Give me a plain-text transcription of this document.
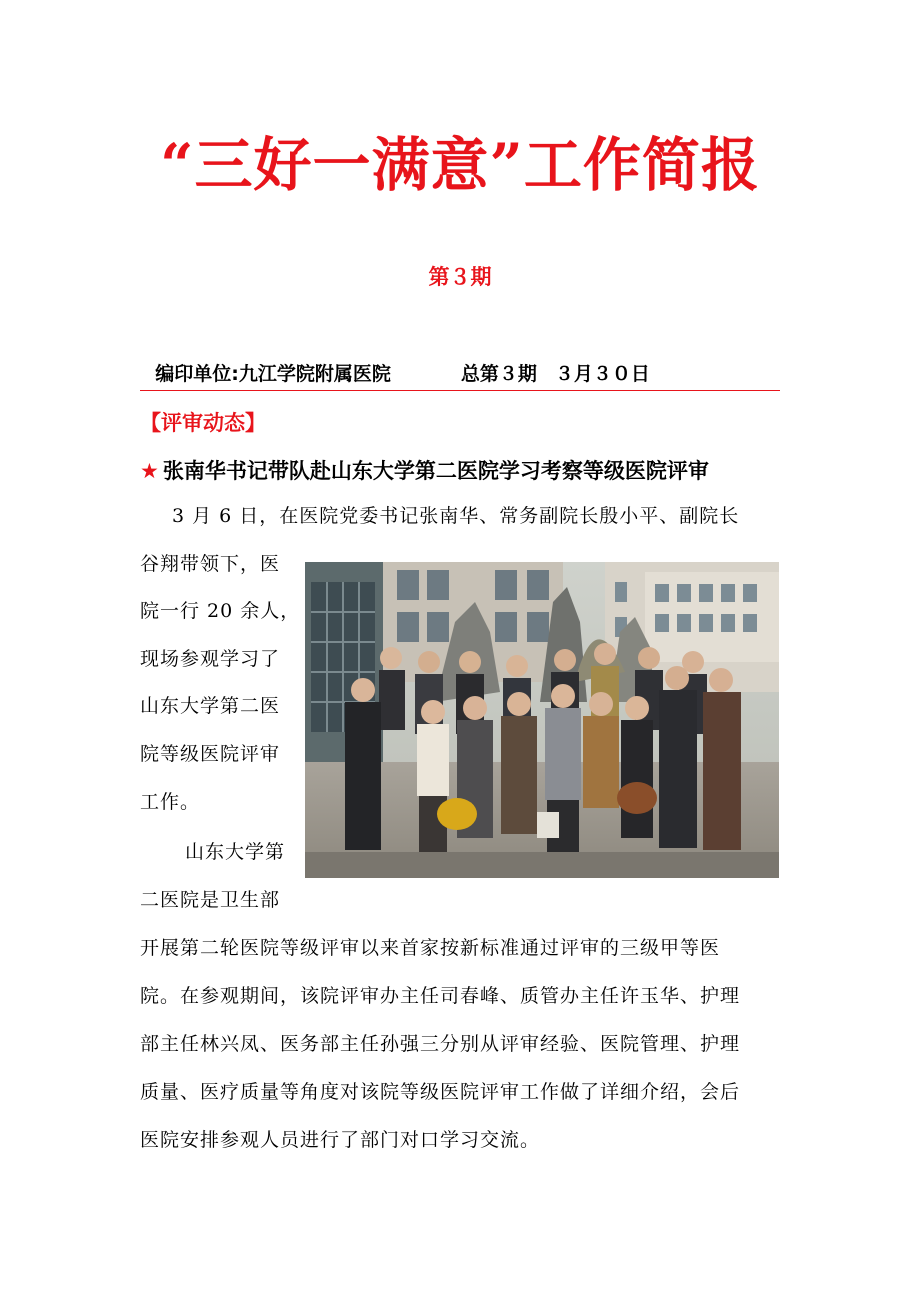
“三好一满意”工作简报
第３期

编印单位:九江学院附属医院	总第３期 ３月３０日

【评审动态】
★ 张南华书记带队赴山东大学第二医院学习考察等级医院评审
3 月 6 日，在医院党委书记张南华、常务副院长殷小平、副院长
谷翔带领下，医
院一行 20 余人，
现场参观学习了
山东大学第二医
院等级医院评审
工作。
山东大学第
二医院是卫生部
开展第二轮医院等级评审以来首家按新标准通过评审的三级甲等医
院。在参观期间，该院评审办主任司春峰、质管办主任许玉华、护理
部主任林兴凤、医务部主任孙强三分别从评审经验、医院管理、护理
质量、医疗质量等角度对该院等级医院评审工作做了详细介绍，会后
医院安排参观人员进行了部门对口学习交流。
